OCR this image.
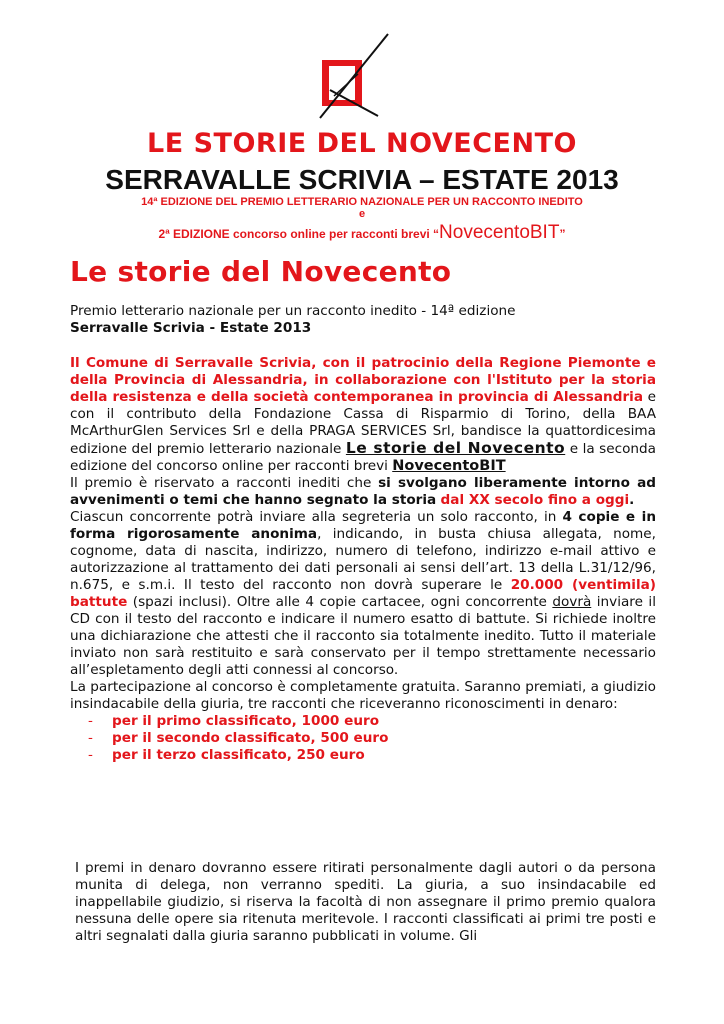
LE STORIE DEL NOVECENTO
SERRAVALLE SCRIVIA – ESTATE 2013
14ª EDIZIONE DEL PREMIO LETTERARIO NAZIONALE PER UN RACCONTO INEDITO
e
2ª EDIZIONE concorso online per racconti brevi “NovecentoBIT”
Le storie del Novecento
Premio letterario nazionale per un racconto inedito - 14ª edizione
Serravalle Scrivia - Estate 2013
Il Comune di Serravalle Scrivia, con il patrocinio della Regione Piemonte e della Provincia di Alessandria, in collaborazione con l'Istituto per la storia della resistenza e della società contemporanea in provincia di Alessandria e con il contributo della Fondazione Cassa di Risparmio di Torino, della BAA McArthurGlen Services Srl e della PRAGA SERVICES Srl, bandisce la quattordicesima edizione del premio letterario nazionale Le storie del Novecento e la seconda edizione del concorso online per racconti brevi NovecentoBIT
Il premio è riservato a racconti inediti che si svolgano liberamente intorno ad avvenimenti o temi che hanno segnato la storia dal XX secolo fino a oggi.
Ciascun concorrente potrà inviare alla segreteria un solo racconto, in 4 copie e in forma rigorosamente anonima, indicando, in busta chiusa allegata, nome, cognome, data di nascita, indirizzo, numero di telefono, indirizzo e-mail attivo e autorizzazione al trattamento dei dati personali ai sensi dell’art. 13 della L.31/12/96, n.675, e s.m.i. Il testo del racconto non dovrà superare le 20.000 (ventimila) battute (spazi inclusi). Oltre alle 4 copie cartacee, ogni concorrente dovrà inviare il CD con il testo del racconto e indicare il numero esatto di battute. Si richiede inoltre una dichiarazione che attesti che il racconto sia totalmente inedito. Tutto il materiale inviato non sarà restituito e sarà conservato per il tempo strettamente necessario all’espletamento degli atti connessi al concorso.
La partecipazione al concorso è completamente gratuita. Saranno premiati, a giudizio insindacabile della giuria, tre racconti che riceveranno riconoscimenti in denaro:
- per il primo classificato, 1000 euro
- per il secondo classificato, 500 euro
- per il terzo classificato, 250 euro
I premi in denaro dovranno essere ritirati personalmente dagli autori o da persona munita di delega, non verranno spediti. La giuria, a suo insindacabile ed inappellabile giudizio, si riserva la facoltà di non assegnare il primo premio qualora nessuna delle opere sia ritenuta meritevole. I racconti classificati ai primi tre posti e altri segnalati dalla giuria saranno pubblicati in volume. Gli
